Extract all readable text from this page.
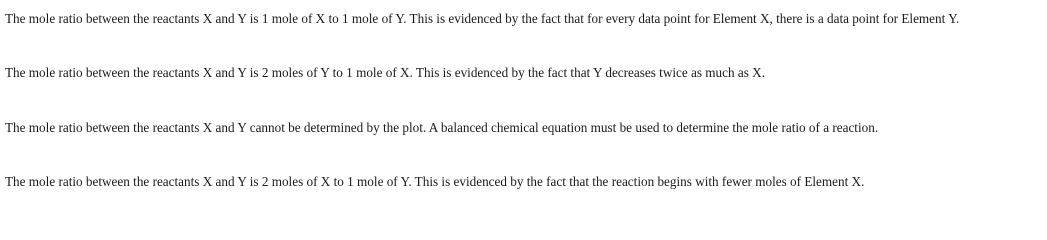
The mole ratio between the reactants X and Y is 1 mole of X to 1 mole of Y. This is evidenced by the fact that for every data point for Element X, there is a data point for Element Y.
The mole ratio between the reactants X and Y is 2 moles of Y to 1 mole of X. This is evidenced by the fact that Y decreases twice as much as X.
The mole ratio between the reactants X and Y cannot be determined by the plot. A balanced chemical equation must be used to determine the mole ratio of a reaction.
The mole ratio between the reactants X and Y is 2 moles of X to 1 mole of Y. This is evidenced by the fact that the reaction begins with fewer moles of Element X.
